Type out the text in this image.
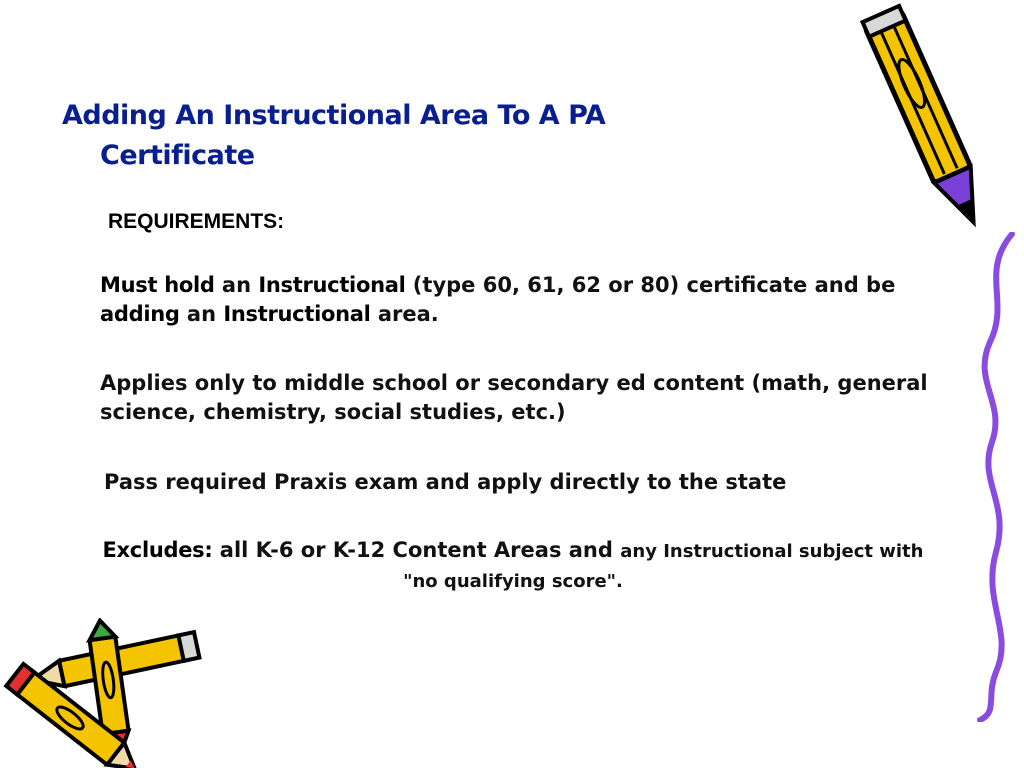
Adding An Instructional Area To A PA
Certificate
REQUIREMENTS:
Must hold an Instructional (type 60, 61, 62 or 80) certificate and be adding an Instructional area.
Applies only to middle school or secondary ed content (math, general science, chemistry, social studies, etc.)
Pass required Praxis exam and apply directly to the state
Excludes: all K-6 or K-12 Content Areas and any Instructional subject with "no qualifying score".
